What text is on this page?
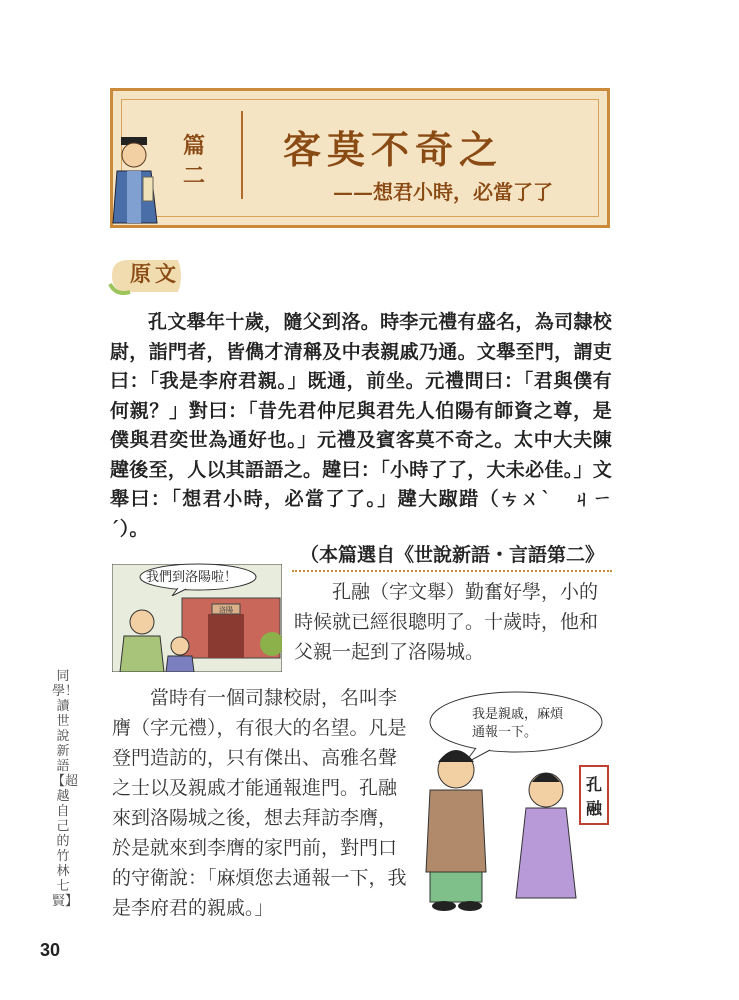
篇二
客莫不奇之
——想君小時，必當了了
原文
孔文舉年十歲，隨父到洛。時李元禮有盛名，為司隸校尉，詣門者，皆儁才清稱及中表親戚乃通。文舉至門，謂吏曰：「我是李府君親。」既通，前坐。元禮問曰：「君與僕有何親？」對曰：「昔先君仲尼與君先人伯陽有師資之尊，是僕與君奕世為通好也。」元禮及賓客莫不奇之。太中大夫陳韙後至，人以其語語之。韙曰：「小時了了，大未必佳。」文舉曰：「想君小時，必當了了。」韙大踧踖（ㄘㄨˋ　ㄐㄧˊ）。
（本篇選自《世說新語・言語第二》
洛陽
我們到洛陽啦！
孔融（字文舉）勤奮好學，小的時候就已經很聰明了。十歲時，他和父親一起到了洛陽城。
當時有一個司隸校尉，名叫李膺（字元禮），有很大的名望。凡是登門造訪的，只有傑出、高雅名聲之士以及親戚才能通報進門。孔融來到洛陽城之後，想去拜訪李膺，於是就來到李膺的家門前，對門口的守衛說：「麻煩您去通報一下，我是李府君的親戚。」
我是親戚，麻煩
通報一下。
孔
融
同學！讀世說新語【超越自己的竹林七賢】
30
